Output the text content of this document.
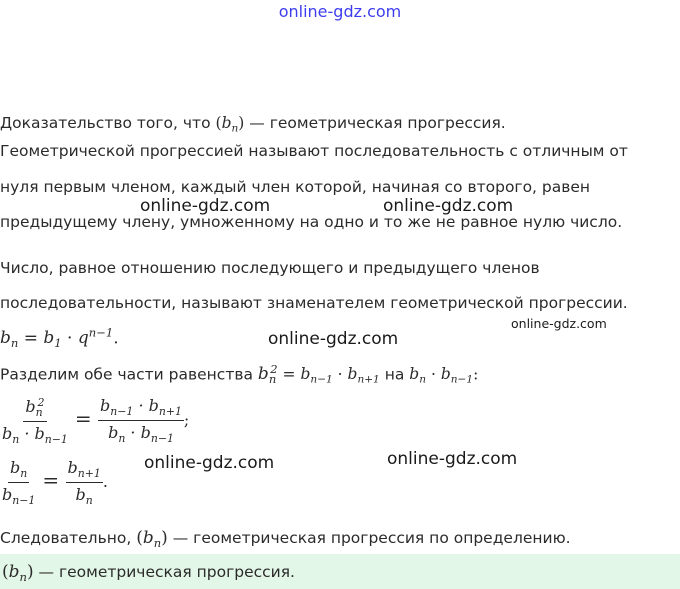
online-gdz.com
Доказательство того, что $(b_n)$ — геометрическая прогрессия.
Геометрической прогрессией называют последовательность с отличным от
нуля первым членом, каждый член которой, начиная со второго, равен
предыдущему члену, умноженному на одно и то же не равное нулю число.
Число, равное отношению последующего и предыдущего членов
последовательности, называют знаменателем геометрической прогрессии.
$b_n = b_1 \cdot q^{n-1}$.
Разделим обе части равенства $b_n^2 = b_{n-1} \cdot b_{n+1}$ на $b_n \cdot b_{n-1}$:
$\frac{b_n^2}{b_n \cdot b_{n-1}} = \frac{b_{n-1} \cdot b_{n+1}}{b_n \cdot b_{n-1}}$ ;
$\frac{b_n}{b_{n-1}} = \frac{b_{n+1}}{b_n}$ .
Следовательно, $(b_n)$ — геометрическая прогрессия по определению.
$(b_n)$ — геометрическая прогрессия.
online-gdz.com	online-gdz.com
online-gdz.com
online-gdz.com
online-gdz.com	online-gdz.com
